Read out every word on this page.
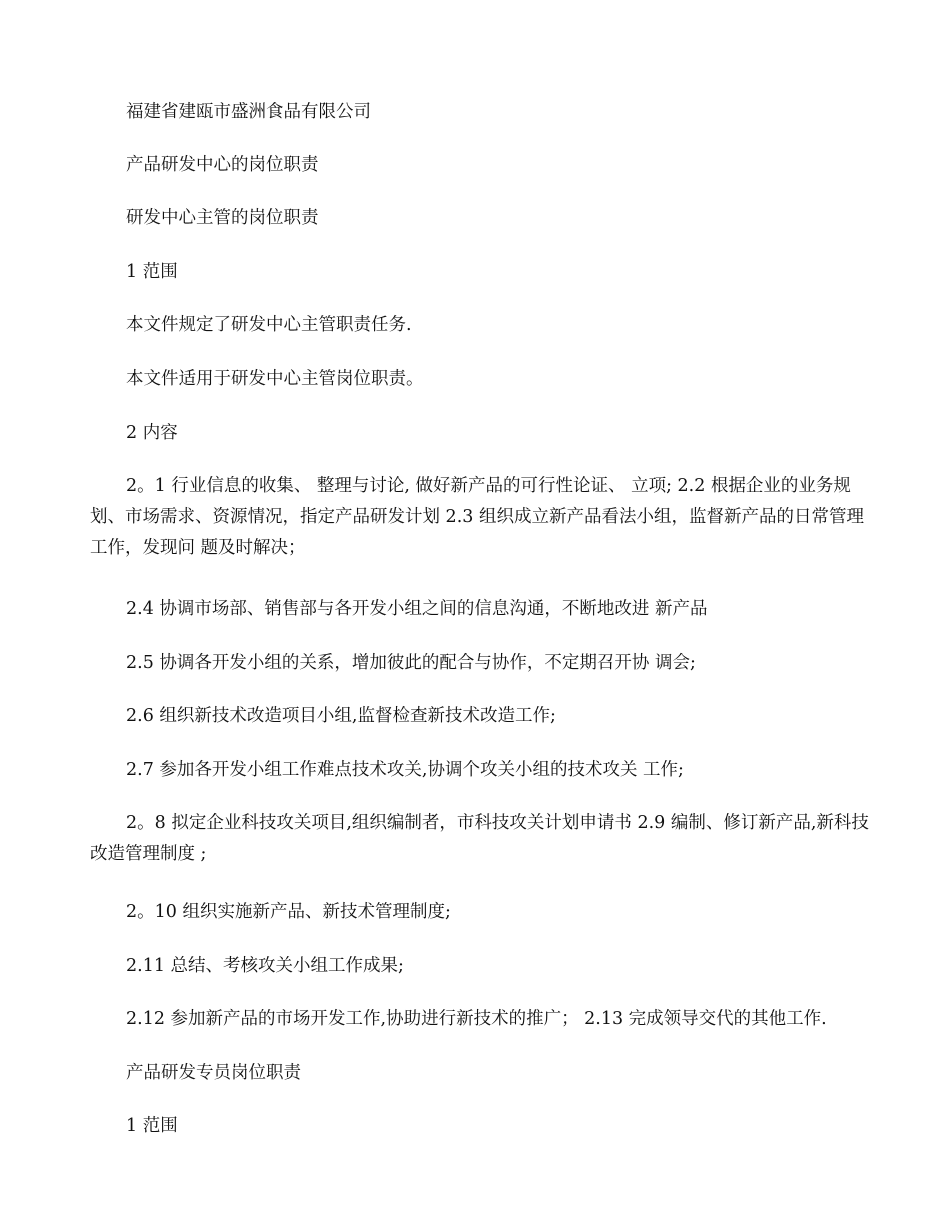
福建省建瓯市盛洲食品有限公司

产品研发中心的岗位职责

研发中心主管的岗位职责

1 范围

本文件规定了研发中心主管职责任务.

本文件适用于研发中心主管岗位职责。

2 内容

2。1 行业信息的收集、 整理与讨论, 做好新产品的可行性论证、 立项; 2.2 根据企业的业务规划、市场需求、资源情况，指定产品研发计划 2.3 组织成立新产品看法小组，监督新产品的日常管理工作，发现问 题及时解决；

2.4 协调市场部、销售部与各开发小组之间的信息沟通，不断地改进 新产品

2.5 协调各开发小组的关系，增加彼此的配合与协作，不定期召开协 调会;

2.6 组织新技术改造项目小组,监督检查新技术改造工作;

2.7 参加各开发小组工作难点技术攻关,协调个攻关小组的技术攻关 工作;

2。8 拟定企业科技攻关项目,组织编制者，市科技攻关计划申请书 2.9 编制、修订新产品,新科技改造管理制度 ;

2。10 组织实施新产品、新技术管理制度;

2.11 总结、考核攻关小组工作成果;

2.12 参加新产品的市场开发工作,协助进行新技术的推广； 2.13 完成领导交代的其他工作.

产品研发专员岗位职责

1 范围
